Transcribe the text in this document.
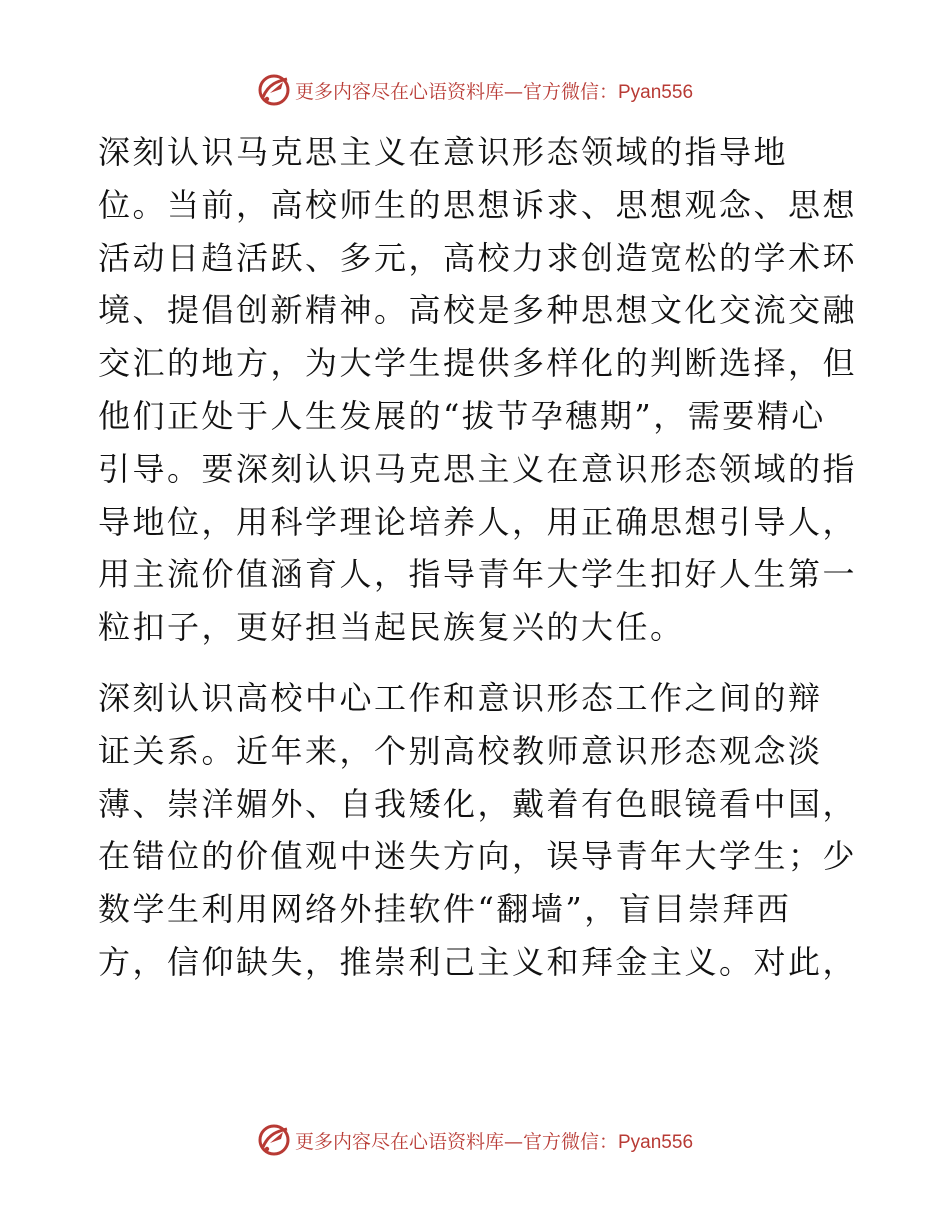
更多内容尽在心语资料库—官方微信：Pyan556

深刻认识马克思主义在意识形态领域的指导地
位。当前，高校师生的思想诉求、思想观念、思想
活动日趋活跃、多元，高校力求创造宽松的学术环
境、提倡创新精神。高校是多种思想文化交流交融
交汇的地方，为大学生提供多样化的判断选择，但
他们正处于人生发展的“拔节孕穗期”，需要精心
引导。要深刻认识马克思主义在意识形态领域的指
导地位，用科学理论培养人，用正确思想引导人，
用主流价值涵育人，指导青年大学生扣好人生第一
粒扣子，更好担当起民族复兴的大任。

深刻认识高校中心工作和意识形态工作之间的辩
证关系。近年来，个别高校教师意识形态观念淡
薄、崇洋媚外、自我矮化，戴着有色眼镜看中国，
在错位的价值观中迷失方向，误导青年大学生；少
数学生利用网络外挂软件“翻墙”，盲目崇拜西
方，信仰缺失，推崇利己主义和拜金主义。对此，

更多内容尽在心语资料库—官方微信：Pyan556
